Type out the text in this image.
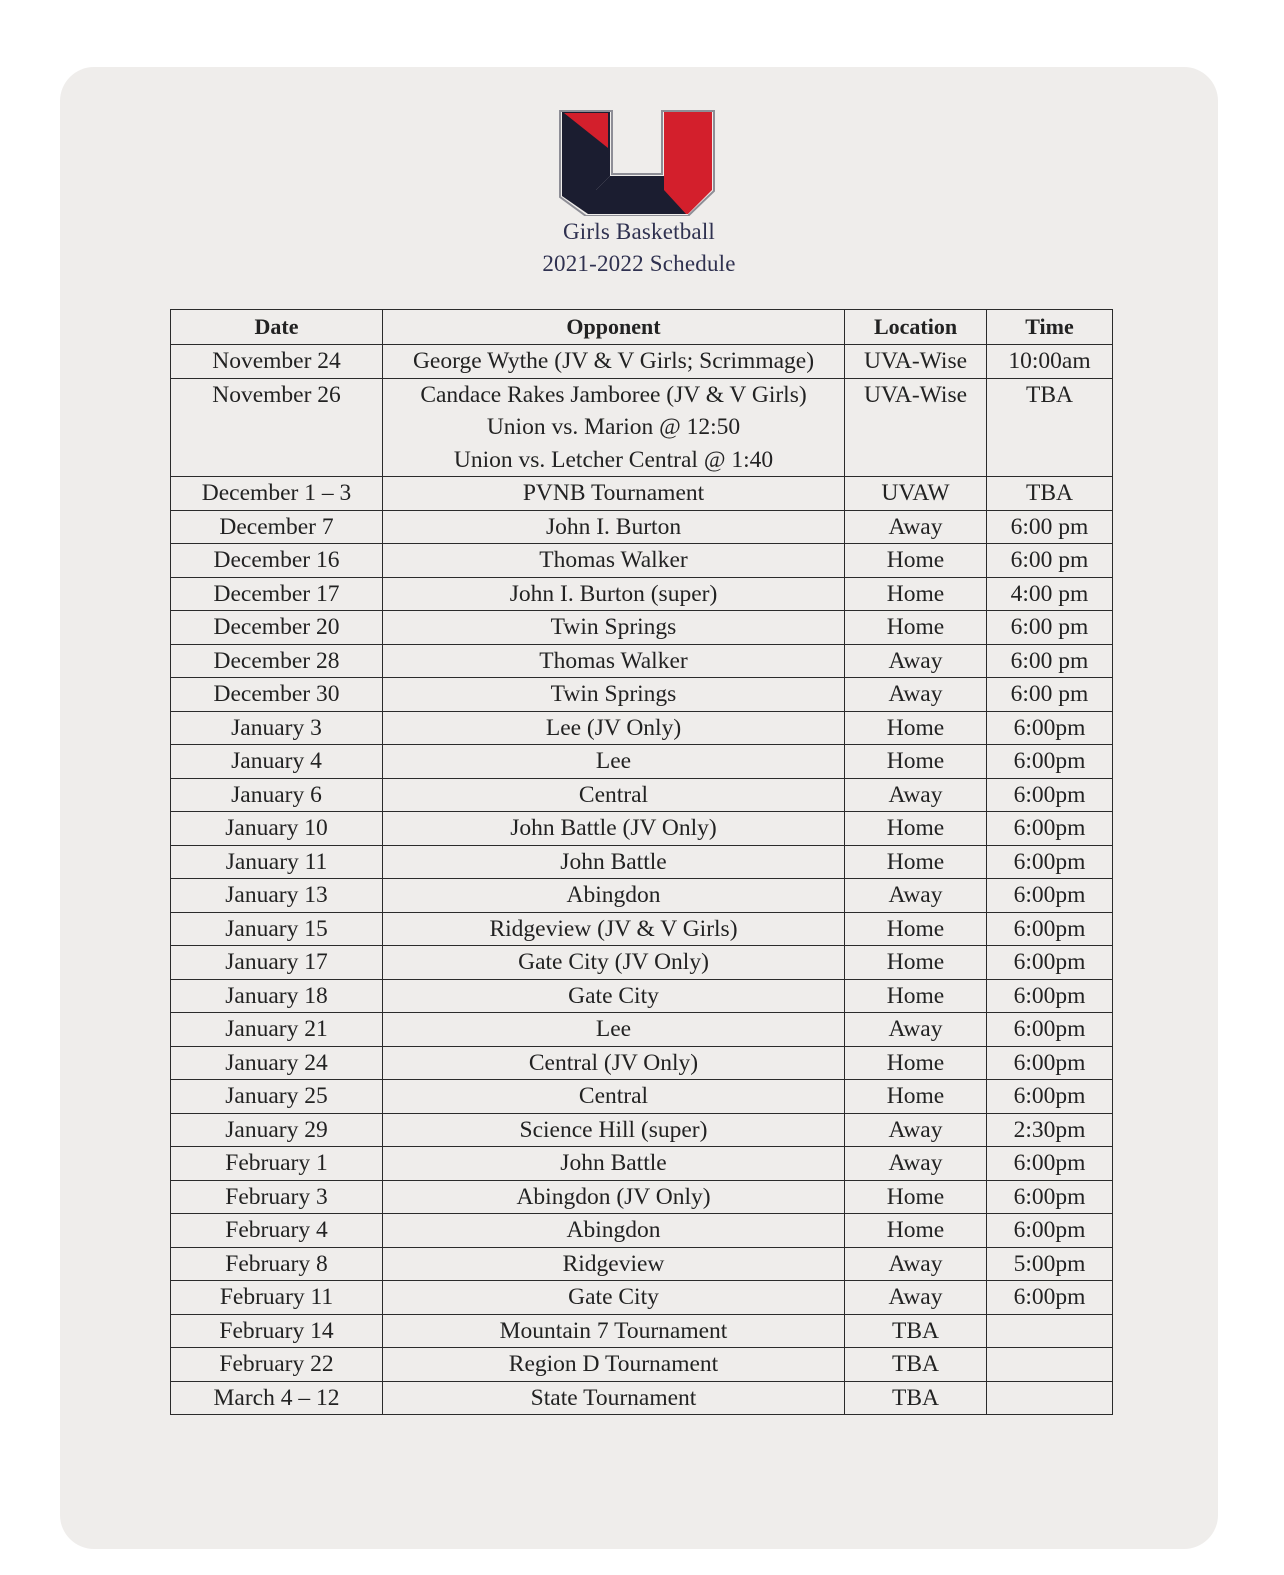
Girls Basketball
2021-2022 Schedule
Date	Opponent	Location	Time
November 24	George Wythe (JV & V Girls; Scrimmage)	UVA-Wise	10:00am
November 26	Candace Rakes Jamboree (JV & V Girls)
Union vs. Marion @ 12:50
Union vs. Letcher Central @ 1:40	UVA-Wise	TBA
December 1 – 3	PVNB Tournament	UVAW	TBA
December 7	John I. Burton	Away	6:00 pm
December 16	Thomas Walker	Home	6:00 pm
December 17	John I. Burton (super)	Home	4:00 pm
December 20	Twin Springs	Home	6:00 pm
December 28	Thomas Walker	Away	6:00 pm
December 30	Twin Springs	Away	6:00 pm
January 3	Lee (JV Only)	Home	6:00pm
January 4	Lee	Home	6:00pm
January 6	Central	Away	6:00pm
January 10	John Battle (JV Only)	Home	6:00pm
January 11	John Battle	Home	6:00pm
January 13	Abingdon	Away	6:00pm
January 15	Ridgeview (JV & V Girls)	Home	6:00pm
January 17	Gate City (JV Only)	Home	6:00pm
January 18	Gate City	Home	6:00pm
January 21	Lee	Away	6:00pm
January 24	Central (JV Only)	Home	6:00pm
January 25	Central	Home	6:00pm
January 29	Science Hill (super)	Away	2:30pm
February 1	John Battle	Away	6:00pm
February 3	Abingdon (JV Only)	Home	6:00pm
February 4	Abingdon	Home	6:00pm
February 8	Ridgeview	Away	5:00pm
February 11	Gate City	Away	6:00pm
February 14	Mountain 7 Tournament	TBA	
February 22	Region D Tournament	TBA	
March 4 – 12	State Tournament	TBA	
